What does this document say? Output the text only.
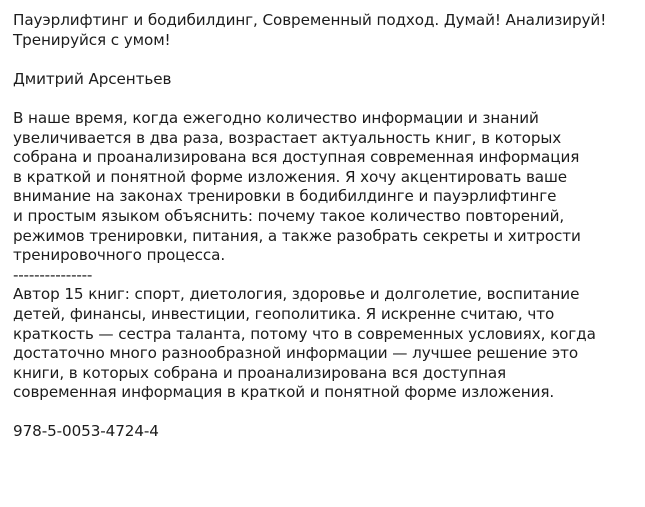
Пауэрлифтинг и бодибилдинг, Современный подход. Думай! Анализируй!
Тренируйся с умом!
Дмитрий Арсентьев
В наше время, когда ежегодно количество информации и знаний
увеличивается в два раза, возрастает актуальность книг, в которых
собрана и проанализирована вся доступная современная информация
в краткой и понятной форме изложения. Я хочу акцентировать ваше
внимание на законах тренировки в бодибилдинге и пауэрлифтинге
и простым языком объяснить: почему такое количество повторений,
режимов тренировки, питания, а также разобрать секреты и хитрости
тренировочного процесса.
---------------
Автор 15 книг: спорт, диетология, здоровье и долголетие, воспитание
детей, финансы, инвестиции, геополитика. Я искренне считаю, что
краткость — сестра таланта, потому что в современных условиях, когда
достаточно много разнообразной информации — лучшее решение это
книги, в которых собрана и проанализирована вся доступная
современная информация в краткой и понятной форме изложения.
978-5-0053-4724-4
